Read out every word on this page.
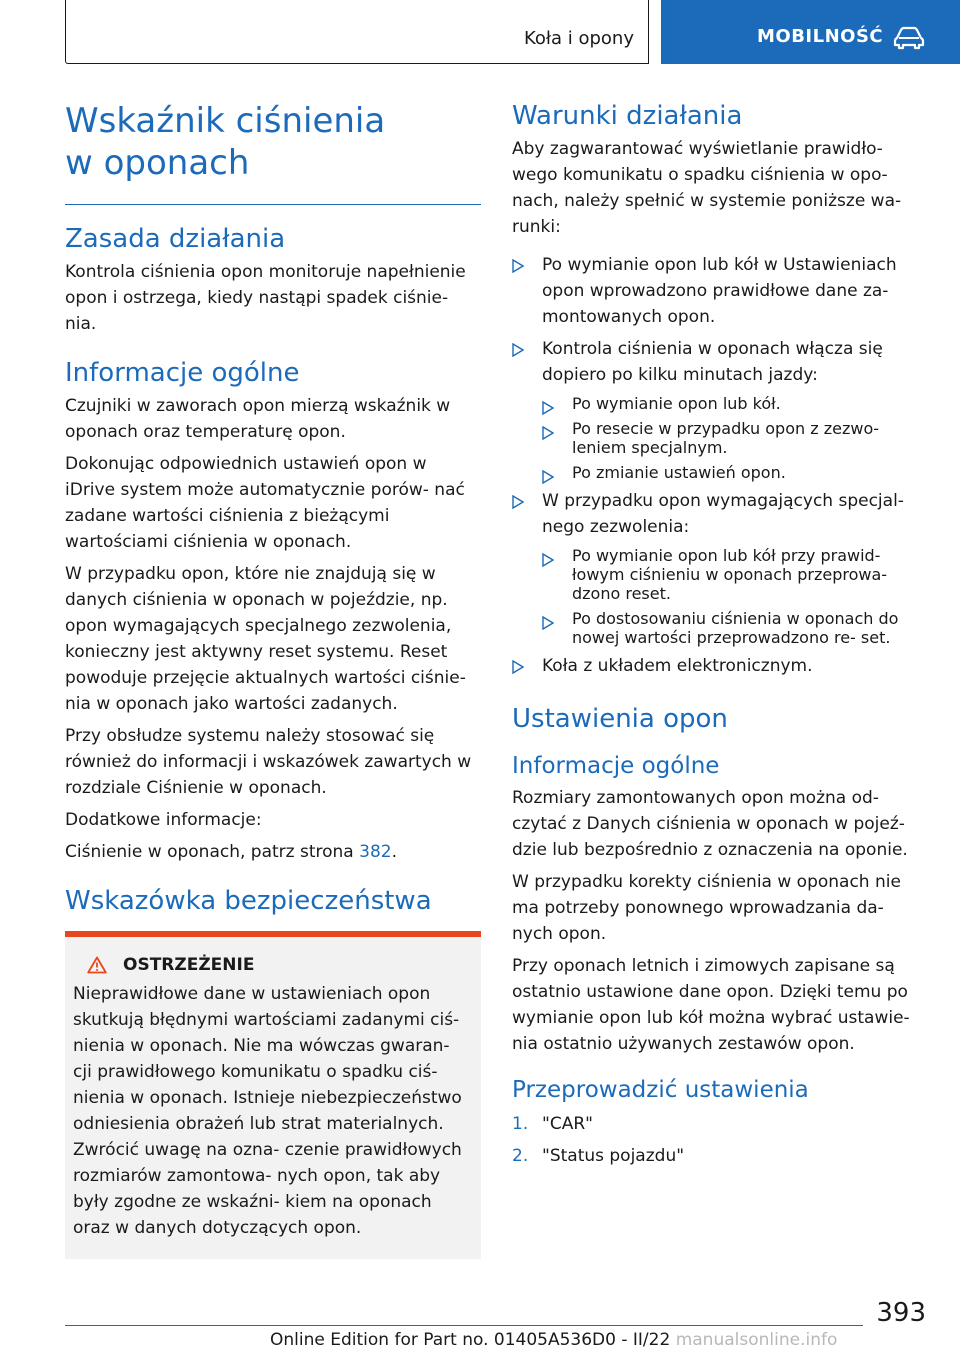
Koła i opony	MOBILNOŚĆ
Wskaźnik ciśnienia
w oponach
Zasada działania

Kontrola ciśnienia opon monitoruje napełnienie opon i ostrzega, kiedy nastąpi spadek ciśnie‐ nia.

Informacje ogólne

Czujniki w zaworach opon mierzą wskaźnik w oponach oraz temperaturę opon.

Dokonując odpowiednich ustawień opon w iDrive system może automatycznie porów‐ nać zadane wartości ciśnienia z bieżącymi wartościami ciśnienia w oponach.

W przypadku opon, które nie znajdują się w danych ciśnienia w oponach w pojeździe, np. opon wymagających specjalnego zezwolenia, konieczny jest aktywny reset systemu. Reset powoduje przejęcie aktualnych wartości ciśnie‐ nia w oponach jako wartości zadanych.

Przy obsłudze systemu należy stosować się również do informacji i wskazówek zawartych w rozdziale Ciśnienie w oponach.

Dodatkowe informacje:

Ciśnienie w oponach, patrz strona 382.

Wskazówka bezpieczeństwa
OSTRZEŻENIE

Nieprawidłowe dane w ustawieniach opon skutkują błędnymi wartościami zadanymi ciś‐ nienia w oponach. Nie ma wówczas gwaran‐ cji prawidłowego komunikatu o spadku ciś‐ nienia w oponach. Istnieje niebezpieczeństwo odniesienia obrażeń lub strat materialnych. Zwrócić uwagę na ozna‐ czenie prawidłowych rozmiarów zamontowa‐ nych opon, tak aby były zgodne ze wskaźni‐ kiem na oponach oraz w danych dotyczących opon.

Warunki działania

Aby zagwarantować wyświetlanie prawidło‐ wego komunikatu o spadku ciśnienia w opo‐ nach, należy spełnić w systemie poniższe wa‐ runki:

Po wymianie opon lub kół w Ustawieniach opon wprowadzono prawidłowe dane za‐ montowanych opon.
Kontrola ciśnienia w oponach włącza się dopiero po kilku minutach jazdy:
Po wymianie opon lub kół.
Po resecie w przypadku opon z zezwo‐ leniem specjalnym.
Po zmianie ustawień opon.
W przypadku opon wymagających specjal‐ nego zezwolenia:
Po wymianie opon lub kół przy prawid‐ łowym ciśnieniu w oponach przeprowa‐ dzono reset.
Po dostosowaniu ciśnienia w oponach do nowej wartości przeprowadzono re‐ set.
Koła z układem elektronicznym.
Ustawienia opon
Informacje ogólne

Rozmiary zamontowanych opon można od‐ czytać z Danych ciśnienia w oponach w pojeź‐ dzie lub bezpośrednio z oznaczenia na oponie.

W przypadku korekty ciśnienia w oponach nie ma potrzeby ponownego wprowadzania da‐ nych opon.

Przy oponach letnich i zimowych zapisane są ostatnio ustawione dane opon. Dzięki temu po wymianie opon lub kół można wybrać ustawie‐ nia ostatnio używanych zestawów opon.

Przeprowadzić ustawienia
1. "CAR"
2. "Status pojazdu"
393
Online Edition for Part no. 01405A536D0 - II/22 manualsonline.info
